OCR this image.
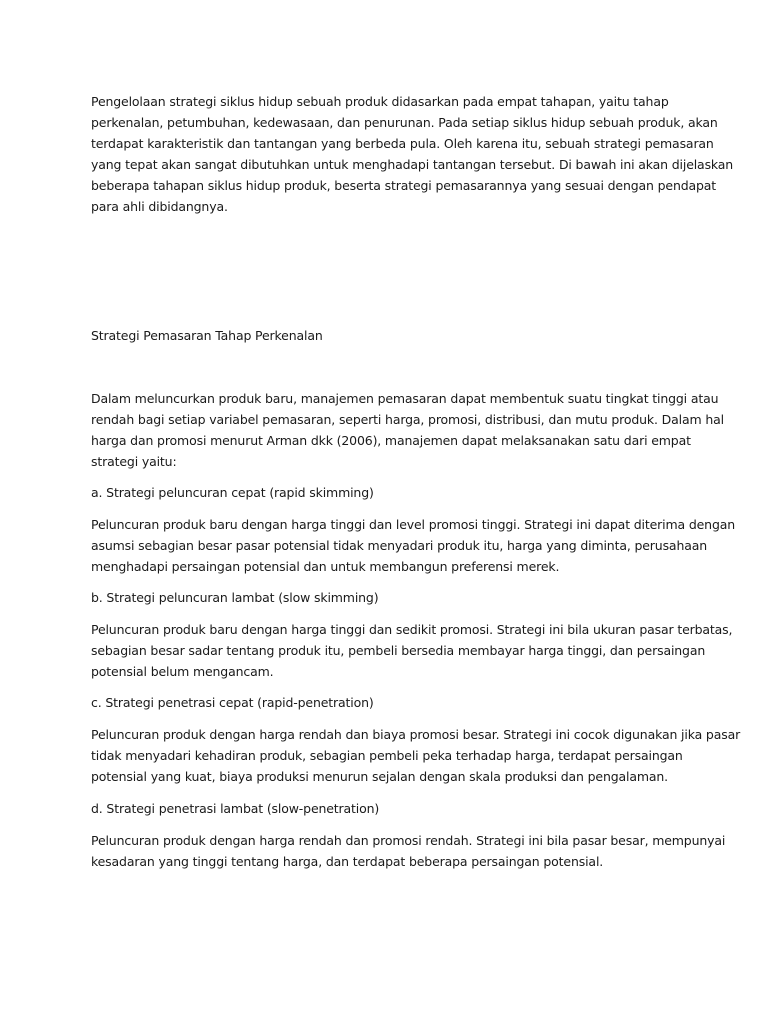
Pengelolaan strategi siklus hidup sebuah produk didasarkan pada empat tahapan, yaitu tahap
perkenalan, petumbuhan, kedewasaan, dan penurunan. Pada setiap siklus hidup sebuah produk, akan
terdapat karakteristik dan tantangan yang berbeda pula. Oleh karena itu, sebuah strategi pemasaran
yang tepat akan sangat dibutuhkan untuk menghadapi tantangan tersebut. Di bawah ini akan dijelaskan
beberapa tahapan siklus hidup produk, beserta strategi pemasarannya yang sesuai dengan pendapat
para ahli dibidangnya.

Strategi Pemasaran Tahap Perkenalan

Dalam meluncurkan produk baru, manajemen pemasaran dapat membentuk suatu tingkat tinggi atau
rendah bagi setiap variabel pemasaran, seperti harga, promosi, distribusi, dan mutu produk. Dalam hal
harga dan promosi menurut Arman dkk (2006), manajemen dapat melaksanakan satu dari empat
strategi yaitu:

a. Strategi peluncuran cepat (rapid skimming)

Peluncuran produk baru dengan harga tinggi dan level promosi tinggi. Strategi ini dapat diterima dengan
asumsi sebagian besar pasar potensial tidak menyadari produk itu, harga yang diminta, perusahaan
menghadapi persaingan potensial dan untuk membangun preferensi merek.

b. Strategi peluncuran lambat (slow skimming)

Peluncuran produk baru dengan harga tinggi dan sedikit promosi. Strategi ini bila ukuran pasar terbatas,
sebagian besar sadar tentang produk itu, pembeli bersedia membayar harga tinggi, dan persaingan
potensial belum mengancam.

c. Strategi penetrasi cepat (rapid-penetration)

Peluncuran produk dengan harga rendah dan biaya promosi besar. Strategi ini cocok digunakan jika pasar
tidak menyadari kehadiran produk, sebagian pembeli peka terhadap harga, terdapat persaingan
potensial yang kuat, biaya produksi menurun sejalan dengan skala produksi dan pengalaman.

d. Strategi penetrasi lambat (slow-penetration)

Peluncuran produk dengan harga rendah dan promosi rendah. Strategi ini bila pasar besar, mempunyai
kesadaran yang tinggi tentang harga, dan terdapat beberapa persaingan potensial.
